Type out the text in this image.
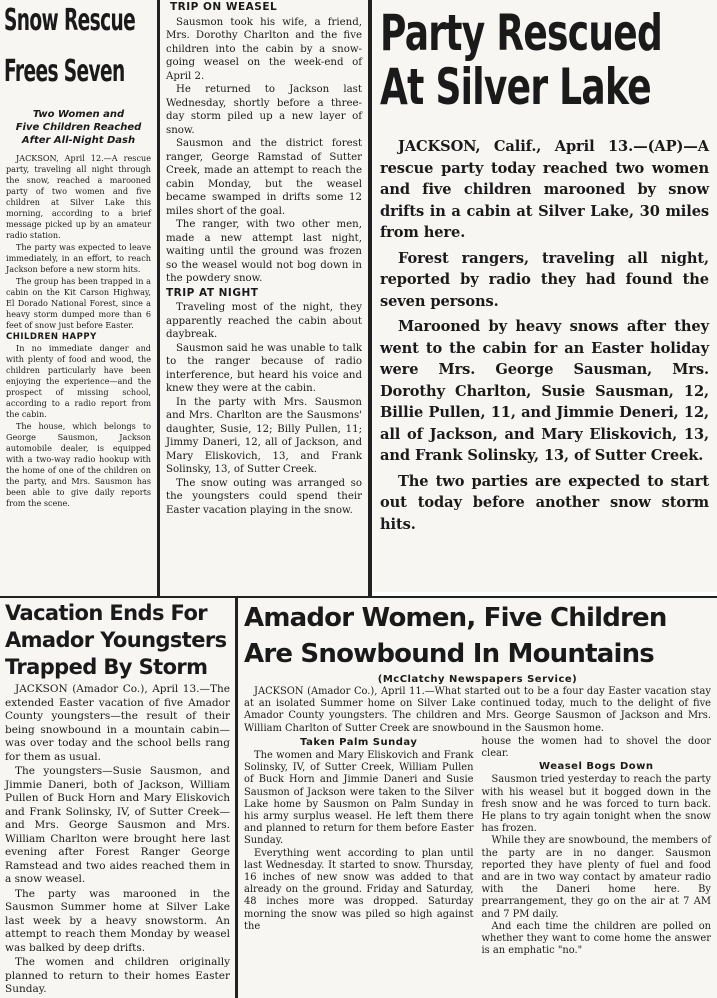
Snow Rescue
Frees Seven
Two Women and
Five Children Reached
After All-Night Dash

JACKSON, April 12.—A rescue party, traveling all night through the snow, reached a marooned party of two women and five children at Silver Lake this morning, according to a brief message picked up by an amateur radio station.

The party was expected to leave immediately, in an effort, to reach Jackson before a new storm hits.

The group has been trapped in a cabin on the Kit Carson Highway, El Dorado National Forest, since a heavy storm dumped more than 6 feet of snow just before Easter.

CHILDREN HAPPY

In no immediate danger and with plenty of food and wood, the children particularly have been enjoying the experience—and the prospect of missing school, according to a radio report from the cabin.

The house, which belongs to George Sausmon, Jackson automobile dealer, is equipped with a two-way radio hookup with the home of one of the children on the party, and Mrs. Sausmon has been able to give daily reports from the scene.

TRIP ON WEASEL

Sausmon took his wife, a friend, Mrs. Dorothy Charlton and the five children into the cabin by a snow-going weasel on the week-end of April 2.

He returned to Jackson last Wednesday, shortly before a three-day storm piled up a new layer of snow.

Sausmon and the district forest ranger, George Ramstad of Sutter Creek, made an attempt to reach the cabin Monday, but the weasel became swamped in drifts some 12 miles short of the goal.

The ranger, with two other men, made a new attempt last night, waiting until the ground was frozen so the weasel would not bog down in the powdery snow.

TRIP AT NIGHT

Traveling most of the night, they apparently reached the cabin about daybreak.

Sausmon said he was unable to talk to the ranger because of radio interference, but heard his voice and knew they were at the cabin.

In the party with Mrs. Sausmon and Mrs. Charlton are the Sausmons' daughter, Susie, 12; Billy Pullen, 11; Jimmy Daneri, 12, all of Jackson, and Mary Eliskovich, 13, and Frank Solinsky, 13, of Sutter Creek.

The snow outing was arranged so the youngsters could spend their Easter vacation playing in the snow.

Party Rescued
At Silver Lake

JACKSON, Calif., April 13.—(AP)—A rescue party today reached two women and five children marooned by snow drifts in a cabin at Silver Lake, 30 miles from here.

Forest rangers, traveling all night, reported by radio they had found the seven persons.

Marooned by heavy snows after they went to the cabin for an Easter holiday were Mrs. George Sausman, Mrs. Dorothy Charlton, Susie Sausman, 12, Billie Pullen, 11, and Jimmie Deneri, 12, all of Jackson, and Mary Eliskovich, 13, and Frank Solinsky, 13, of Sutter Creek.

The two parties are expected to start out today before another snow storm hits.

Vacation Ends For
Amador Youngsters
Trapped By Storm

JACKSON (Amador Co.), April 13.—The extended Easter vacation of five Amador County youngsters—the result of their being snowbound in a mountain cabin—was over today and the school bells rang for them as usual.

The youngsters—Susie Sausmon, and Jimmie Daneri, both of Jackson, William Pullen of Buck Horn and Mary Eliskovich and Frank Solinsky, IV, of Sutter Creek—and Mrs. George Sausmon and Mrs. William Charlton were brought here last evening after Forest Ranger George Ramstead and two aides reached them in a snow weasel.

The party was marooned in the Sausmon Summer home at Silver Lake last week by a heavy snowstorm. An attempt to reach them Monday by weasel was balked by deep drifts.

The women and children originally planned to return to their homes Easter Sunday.

Amador Women, Five Children
Are Snowbound In Mountains
(McClatchy Newspapers Service)

JACKSON (Amador Co.), April 11.—What started out to be a four day Easter vacation stay at an isolated Summer home on Silver Lake continued today, much to the delight of five Amador County youngsters. The children and Mrs. George Sausmon of Jackson and Mrs. William Charlton of Sutter Creek are snowbound in the Sausmon home.

Taken Palm Sunday

The women and Mary Eliskovich and Frank Solinsky, IV, of Sutter Creek, William Pullen of Buck Horn and Jimmie Daneri and Susie Sausmon of Jackson were taken to the Silver Lake home by Sausmon on Palm Sunday in his army surplus weasel. He left them there and planned to return for them before Easter Sunday.

Everything went according to plan until last Wednesday. It started to snow. Thursday, 16 inches of new snow was added to that already on the ground. Friday and Saturday, 48 inches more was dropped. Saturday morning the snow was piled so high against the

house the women had to shovel the door clear.

Weasel Bogs Down

Sausmon tried yesterday to reach the party with his weasel but it bogged down in the fresh snow and he was forced to turn back. He plans to try again tonight when the snow has frozen.

While they are snowbound, the members of the party are in no danger. Sausmon reported they have plenty of fuel and food and are in two way contact by amateur radio with the Daneri home here. By prearrangement, they go on the air at 7 AM and 7 PM daily.

And each time the children are polled on whether they want to come home the answer is an emphatic "no."
